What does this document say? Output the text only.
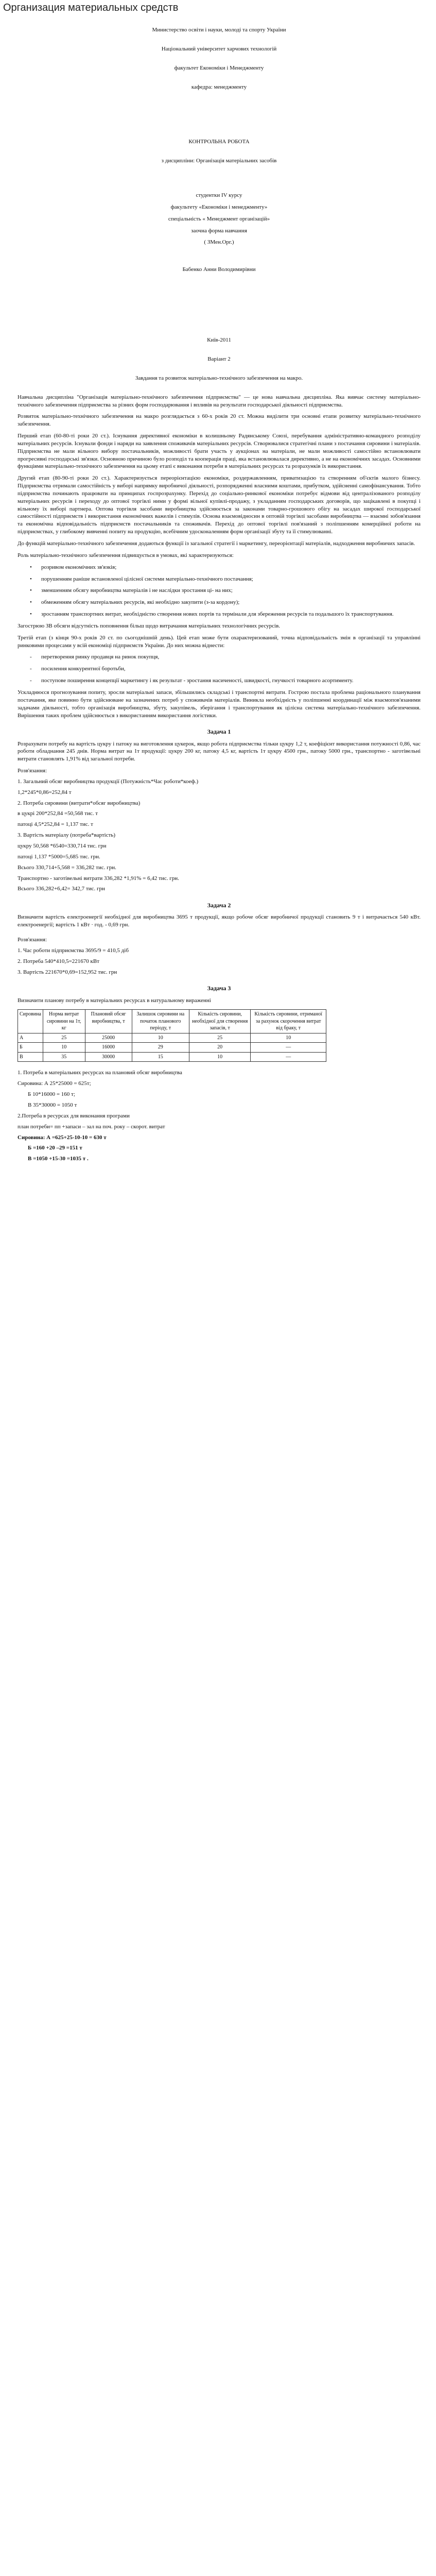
Организация материальных средств

Министерство освіти і науки, молоді та спорту України

Національний університет харчових технологій

факультет Економіки і Менеджменту

кафедра: менеджменту

КОНТРОЛЬНА РОБОТА

з дисципліни: Організація матеріальних засобів

студентки IV курсу

факультету «Економіки і менеджменту»

спеціальність « Менеджмент організацій»

заочна форма навчання

( ЗМен.Орг.)

Бабенко Анни Володимирівни

Київ-2011

Варіант 2

Завдання та розвиток матеріально-технічного забезпечення на макро.

Навчальна дисципліна "Організація матеріально-технічного забезпечення підприємства" — це нова навчальна дисципліна. Яка вивчає систему матеріально-технічного забезпечення підприємства за різних форм господарювання і впливів на результати господарської діяльності підприємства.

Розвиток матеріально-технічного забезпечення на макро розглядається з 60-х років 20 ст. Можна виділити три основні етапи розвитку матеріально-технічного забезпечення.

Перший етап (60-80-ті роки 20 ст.). Існування директивної економіки в колишньому Радянському Союзі, перебування адміністративно-командного розподілу матеріальних ресурсів. Існували фонди і наряди на заявлення споживачів матеріальних ресурсів. Створювалися стратегічні плани з постачання сировини і матеріалів. Підприємства не мали вільного вибору постачальників, можливості брати участь у аукціонах на матеріали, не мали можливості самостійно встановлювати прогресивні господарські зв'язки. Основною причиною було розподіл та кооперація праці, яка встановлювалася директивно, а не на економічних засадах. Основними функціями матеріально-технічного забезпечення на цьому етапі є виконання потреби в матеріальних ресурсах та розрахунків їх використання.

Другий етап (80-90-ті роки 20 ст.). Характеризується переорієнтацією економіки, роздержавленням, приватизацією та створенням об'єктів малого бізнесу. Підприємства отримали самостійність у виборі напрямку виробничої діяльності, розпорядженні власними коштами, прибутком, здійсненні самофінансування. Тобто підприємства починають працювати на принципах госпрозрахунку. Перехід до соціально-ринкової економіки потребує відмови від централізованого розподілу матеріальних ресурсів і переходу до оптової торгівлі ними у формі вільної купівлі-продажу, з укладанням господарських договорів, що зацікавлені в покупці і вільному їх виборі партнера. Оптова торгівля засобами виробництва здійснюється за законами товарно-грошового обігу на засадах широкої господарської самостійності підприємств і використання економічних важелів і стимулів. Основа взаємовідносин в оптовій торгівлі засобами виробництва — взаємні зобов'язання та економічна відповідальність підприємств постачальників та споживачів. Перехід до оптової торгівлі пов'язаний з поліпшенням комерційної роботи на підприємствах, у глибокому вивченні попиту на продукцію, всебічним удосконаленням форм організації збуту та її стимулюванні.

До функцій матеріально-технічного забезпечення додаються функції із загальної стратегії і маркетингу, переорієнтації матеріалів, надходження виробничих запасів.

Роль матеріально-технічного забезпечення підвищується в умовах, які характеризуються:

•	розривом економічних зв'язків;
•	порушенням раніше встановленої цілісної системи матеріально-технічного постачання;
•	зменшенням обсягу виробництва матеріалів і не наслідки зростання ці- на них;
•	обмеженням обсягу матеріальних ресурсів, які необхідно закупити (з-за кордону);
•	зростанням транспортних витрат, необхідністю створення нових портів та термінали для збереження ресурсів та подальшого їх транспортування.

Загострюю ЗВ обсяги відсутність поповнення більш щодо витрачання матеріальних технологічних ресурсів.

Третій етап (з кінця 90-х років 20 ст. по сьогоднішній день). Цей етап може бути охарактеризований, точна відповідальність змін в організації та управлінні ринковими процесами у всій економіці підприємств України. До них можна віднести:

-	перетворення ринку продавця на ринок покупця,
-	посилення конкурентної боротьби,
-	поступове поширення концепції маркетингу і як результат - зростання насиченості, швидкості, гнучкості товарного асортименту.

Ускладнюєся прогнозування попиту, зросли матеріальні запаси, збільшились складські і транспортні витрати. Гострою постала проблема раціонального планування постачання, яке повинно бути здійснюване на зазначених потреб у споживачів матеріалів. Виникла необхідність у поліпшенні координації між взаємопов'язаними задачами діяльності, тобто організація виробництва, збуту, закупівель, зберігання і транспортування як цілісна система матеріально-технічного забезпечення. Вирішення таких проблем здійснюється з використанням використання логістики.

Задача 1

Розрахувати потребу на вартість цукру і патоку на виготовлення цукерок, якщо робота підприємства тільки цукру 1,2 т, коефіцієнт використання потужності 0,86, час роботи обладнання 245 днів. Норма витрат на 1т продукції: цукру 200 кг, патоку 4,5 кг, вартість 1т цукру 4500 грн., патоку 5000 грн., транспортно - заготівельні витрати становлять 1,91% від загальної потреби.

Розв'язання:

1. Загальний обсяг виробництва продукції (Потужність*Час роботи*коеф.)

1,2*245*0,86=252,84 т

2. Потреба сировини (витрати*обсяг виробництва)

в цукрі 200*252,84 =50,568 тис. т

патоці 4,5*252,84 = 1,137 тис. т

3. Вартість матеріалу (потреба*вартість)

цукру 50,568 *6540=330,714 тис. грн

патоці 1,137 *5000=5,685 тис. грн.

Всього 330,714+5,568 = 336,282 тис. грн.

Транспортно - заготівельні витрати 336,282 *1,91% = 6,42 тис. грн.

Всього 336,282+6,42= 342,7 тис. грн

Задача 2

Визначити вартість електроенергії необхідної для виробництва 3695 т продукції, якщо робоче обсяг виробничої продукції становить 9 т і витрачається 540 кВт. електроенергії; вартість 1 кВт · год. - 0,69 грн.

Розв'язання:

1. Час роботи підприємства 3695/9 = 410,5 діб

2. Потреба 540*410,5=221670 кВт

3. Вартість 221670*0,69=152,952 тис. грн

Задача 3

Визначити планову потребу в матеріальних ресурсах в натуральному вираженні

Сировина	Норма витрат сировини на 1т, кг	Плановий обсяг виробництва, т	Залишок сировини на початок планового періоду, т	Кількість сировини, необхідної для створення запасів, т	Кількість сировини, отриманої за рахунок скорочення витрат від браку, т
А	25	25000	10	25	10
Б	10	16000	29	20	—
В	35	30000	15	10	—

1. Потреба в матеріальних ресурсах на плановий обсяг виробництва

Сировина: А 25*25000 = 625т;

Б 10*16000 = 160 т;

В 35*30000 = 1050 т

2.Потреба в ресурсах для виконання програми

план потреби= пп +запаси – зал на поч. року – скорот. витрат

Сировина: А =625+25-10-10 = 630 т

Б =160 +20 –29 =151 т

В =1050 +15-30 =1035 т .
